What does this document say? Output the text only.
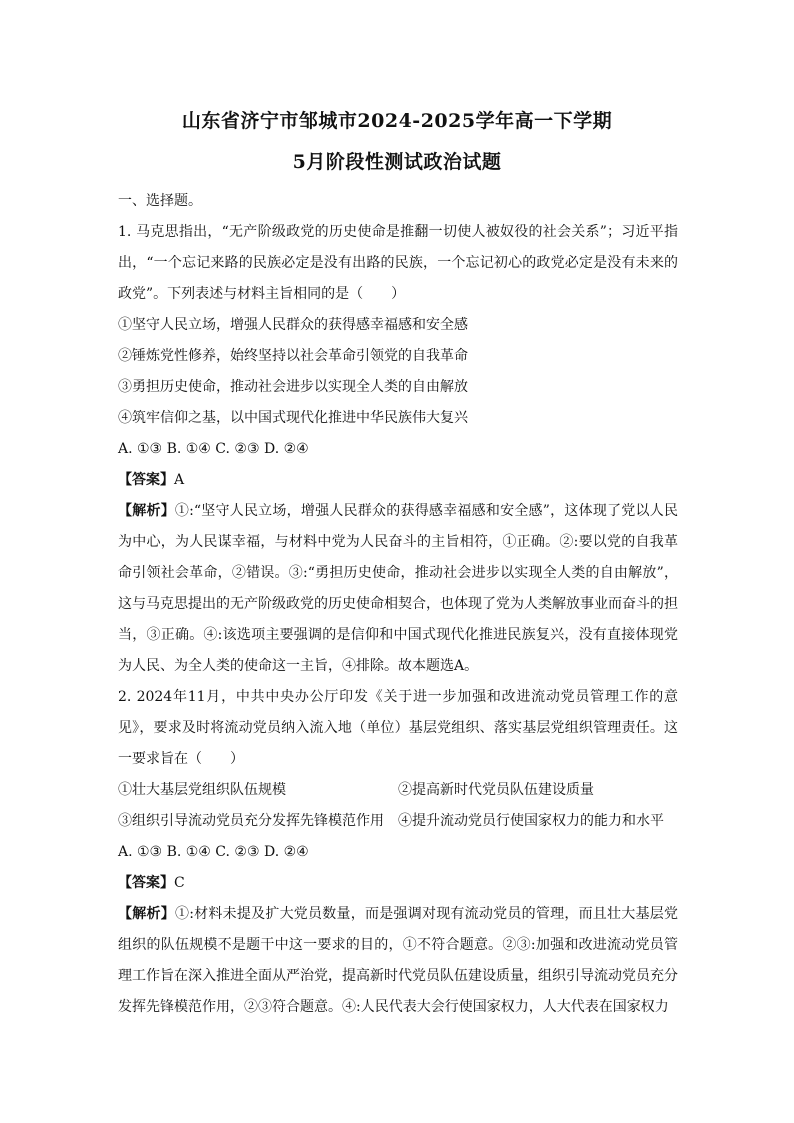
山东省济宁市邹城市2024-2025学年高一下学期
5月阶段性测试政治试题

一、选择题。

1. 马克思指出，“无产阶级政党的历史使命是推翻一切使人被奴役的社会关系”；习近平指出，“一个忘记来路的民族必定是没有出路的民族，一个忘记初心的政党必定是没有未来的政党”。下列表述与材料主旨相同的是（　　）

①坚守人民立场，增强人民群众的获得感幸福感和安全感

②锤炼党性修养，始终坚持以社会革命引领党的自我革命

③勇担历史使命，推动社会进步以实现全人类的自由解放

④筑牢信仰之基，以中国式现代化推进中华民族伟大复兴

A. ①③ B. ①④ C. ②③ D. ②④

【答案】A

【解析】①:“坚守人民立场，增强人民群众的获得感幸福感和安全感”，这体现了党以人民为中心，为人民谋幸福，与材料中党为人民奋斗的主旨相符，①正确。②:要以党的自我革命引领社会革命，②错误。③:“勇担历史使命，推动社会进步以实现全人类的自由解放”，这与马克思提出的无产阶级政党的历史使命相契合，也体现了党为人类解放事业而奋斗的担当，③正确。④:该选项主要强调的是信仰和中国式现代化推进民族复兴，没有直接体现党为人民、为全人类的使命这一主旨，④排除。故本题选A。

2. 2024年11月，中共中央办公厅印发《关于进一步加强和改进流动党员管理工作的意见》，要求及时将流动党员纳入流入地（单位）基层党组织、落实基层党组织管理责任。这一要求旨在（　　）

①壮大基层党组织队伍规模	②提高新时代党员队伍建设质量
③组织引导流动党员充分发挥先锋模范作用	④提升流动党员行使国家权力的能力和水平

A. ①③ B. ①④ C. ②③ D. ②④

【答案】C

【解析】①:材料未提及扩大党员数量，而是强调对现有流动党员的管理，而且壮大基层党组织的队伍规模不是题干中这一要求的目的，①不符合题意。②③:加强和改进流动党员管理工作旨在深入推进全面从严治党，提高新时代党员队伍建设质量，组织引导流动党员充分发挥先锋模范作用，②③符合题意。④:人民代表大会行使国家权力，人大代表在国家权力
